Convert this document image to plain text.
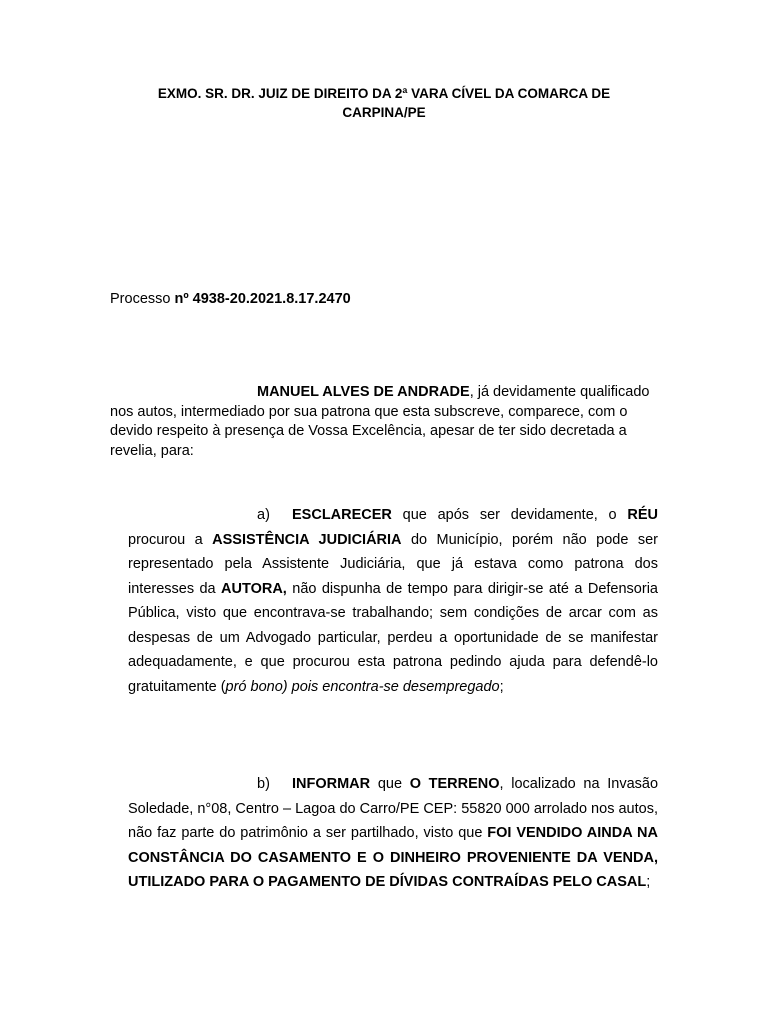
EXMO. SR. DR. JUIZ DE DIREITO DA 2ª VARA CÍVEL DA COMARCA DE
CARPINA/PE
Processo nº 4938-20.2021.8.17.2470
MANUEL ALVES DE ANDRADE, já devidamente qualificado nos autos, intermediado por sua patrona que esta subscreve, comparece, com o devido respeito à presença de Vossa Excelência, apesar de ter sido decretada a revelia, para:
a) ESCLARECER que após ser devidamente, o RÉU procurou a ASSISTÊNCIA JUDICIÁRIA do Município, porém não pode ser representado pela Assistente Judiciária, que já estava como patrona dos interesses da AUTORA, não dispunha de tempo para dirigir-se até a Defensoria Pública, visto que encontrava-se trabalhando; sem condições de arcar com as despesas de um Advogado particular, perdeu a oportunidade de se manifestar adequadamente, e que procurou esta patrona pedindo ajuda para defendê-lo gratuitamente (pró bono) pois encontra-se desempregado;
b) INFORMAR que O TERRENO, localizado na Invasão Soledade, n°08, Centro – Lagoa do Carro/PE CEP: 55820 000 arrolado nos autos, não faz parte do patrimônio a ser partilhado, visto que FOI VENDIDO AINDA NA CONSTÂNCIA DO CASAMENTO E O DINHEIRO PROVENIENTE DA VENDA, UTILIZADO PARA O PAGAMENTO DE DÍVIDAS CONTRAÍDAS PELO CASAL;
